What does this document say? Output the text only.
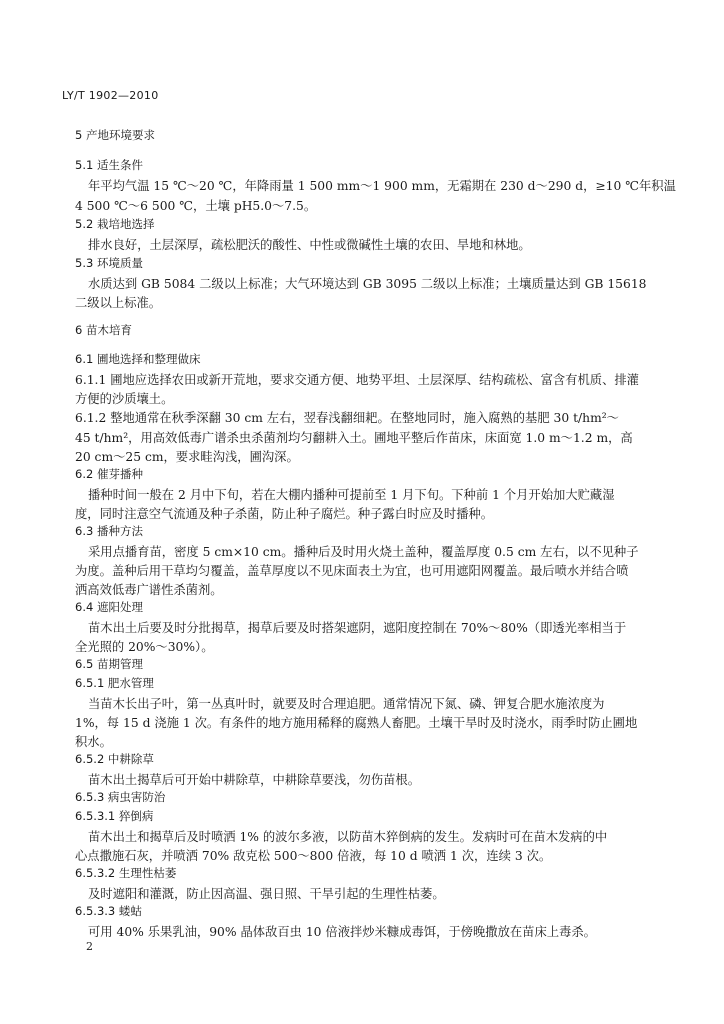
LY/T 1902—2010
5 产地环境要求
5.1 适生条件
年平均气温 15 ℃～20 ℃，年降雨量 1 500 mm～1 900 mm，无霜期在 230 d～290 d，≥10 ℃年积温
4 500 ℃～6 500 ℃，土壤 pH5.0～7.5。
5.2 栽培地选择
排水良好，土层深厚，疏松肥沃的酸性、中性或微碱性土壤的农田、旱地和林地。
5.3 环境质量
水质达到 GB 5084 二级以上标准；大气环境达到 GB 3095 二级以上标准；土壤质量达到 GB 15618
二级以上标准。
6 苗木培育
6.1 圃地选择和整理做床
6.1.1 圃地应选择农田或新开荒地，要求交通方便、地势平坦、土层深厚、结构疏松、富含有机质、排灌
方便的沙质壤土。
6.1.2 整地通常在秋季深翻 30 cm 左右，翌春浅翻细耙。在整地同时，施入腐熟的基肥 30 t/hm²～
45 t/hm²，用高效低毒广谱杀虫杀菌剂均匀翻耕入土。圃地平整后作苗床，床面宽 1.0 m～1.2 m，高
20 cm～25 cm，要求畦沟浅，圃沟深。
6.2 催芽播种
播种时间一般在 2 月中下旬，若在大棚内播种可提前至 1 月下旬。下种前 1 个月开始加大贮藏湿
度，同时注意空气流通及种子杀菌，防止种子腐烂。种子露白时应及时播种。
6.3 播种方法
采用点播育苗，密度 5 cm×10 cm。播种后及时用火烧土盖种，覆盖厚度 0.5 cm 左右，以不见种子
为度。盖种后用干草均匀覆盖，盖草厚度以不见床面表土为宜，也可用遮阳网覆盖。最后喷水并结合喷
洒高效低毒广谱性杀菌剂。
6.4 遮阳处理
苗木出土后要及时分批揭草，揭草后要及时搭架遮阴，遮阳度控制在 70%～80%（即透光率相当于
全光照的 20%～30%）。
6.5 苗期管理
6.5.1 肥水管理
当苗木长出子叶，第一丛真叶时，就要及时合理追肥。通常情况下氮、磷、钾复合肥水施浓度为
1%，每 15 d 浇施 1 次。有条件的地方施用稀释的腐熟人畜肥。土壤干旱时及时浇水，雨季时防止圃地
积水。
6.5.2 中耕除草
苗木出土揭草后可开始中耕除草，中耕除草要浅，勿伤苗根。
6.5.3 病虫害防治
6.5.3.1 猝倒病
苗木出土和揭草后及时喷洒 1% 的波尔多液，以防苗木猝倒病的发生。发病时可在苗木发病的中
心点撒施石灰，并喷洒 70% 敌克松 500～800 倍液，每 10 d 喷洒 1 次，连续 3 次。
6.5.3.2 生理性枯萎
及时遮阳和灌溉，防止因高温、强日照、干旱引起的生理性枯萎。
6.5.3.3 蝼蛄
可用 40% 乐果乳油，90% 晶体敌百虫 10 倍液拌炒米糠成毒饵，于傍晚撒放在苗床上毒杀。
2
